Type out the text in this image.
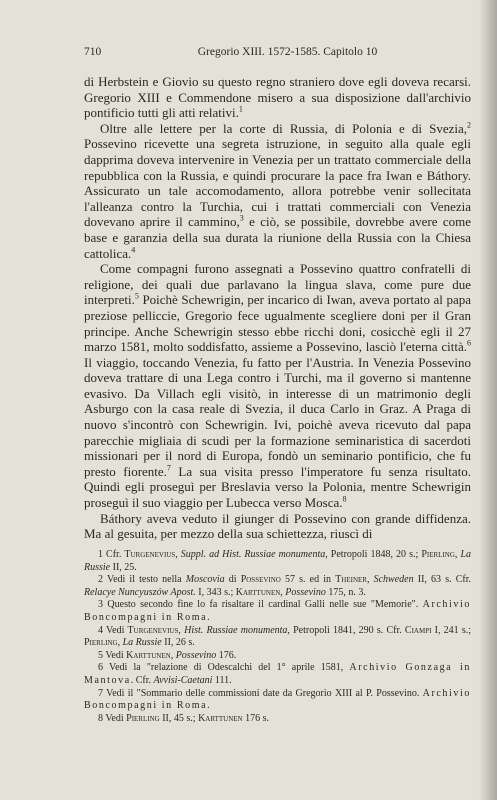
710	Gregorio XIII. 1572-1585. Capitolo 10

di Herbstein e Giovio su questo regno straniero dove egli doveva recarsi. Gregorio XIII e Commendone misero a sua disposizione dall'archivio pontificio tutti gli atti relativi.$^1$

Oltre alle lettere per la corte di Russia, di Polonia e di Svezia,$^2$ Possevino ricevette una segreta istruzione, in seguito alla quale egli dapprima doveva intervenire in Venezia per un trattato commerciale della repubblica con la Russia, e quindi procurare la pace fra Iwan e Báthory. Assicurato un tale accomodamento, allora potrebbe venir sollecitata l'alleanza contro la Turchia, cui i trattati commerciali con Venezia dovevano aprire il cammino,$^3$ e ciò, se possibile, dovrebbe avere come base e garanzia della sua durata la riunione della Russia con la Chiesa cattolica.$^4$

Come compagni furono assegnati a Possevino quattro confratelli di religione, dei quali due parlavano la lingua slava, come pure due interpreti.$^5$ Poichè Schewrigin, per incarico di Iwan, aveva portato al papa preziose pelliccie, Gregorio fece ugualmente scegliere doni per il Gran principe. Anche Schewrigin stesso ebbe ricchi doni, cosicchè egli il 27 marzo 1581, molto soddisfatto, assieme a Possevino, lasciò l'eterna città.$^6$ Il viaggio, toccando Venezia, fu fatto per l'Austria. In Venezia Possevino doveva trattare di una Lega contro i Turchi, ma il governo si mantenne evasivo. Da Villach egli visitò, in interesse di un matrimonio degli Asburgo con la casa reale di Svezia, il duca Carlo in Graz. A Praga di nuovo s'incontrò con Schewrigin. Ivi, poichè aveva ricevuto dal papa parecchie migliaia di scudi per la formazione seminaristica di sacerdoti missionari per il nord di Europa, fondò un seminario pontificio, che fu presto fiorente.$^7$ La sua visita presso l'imperatore fu senza risultato. Quindi egli proseguì per Breslavia verso la Polonia, mentre Schewrigin proseguì il suo viaggio per Lubecca verso Mosca.$^8$

Báthory aveva veduto il giunger di Possevino con grande diffidenza. Ma al gesuita, per mezzo della sua schiettezza, riuscì di

1 Cfr. Turgenevius, Suppl. ad Hist. Russiae monumenta, Petropoli 1848, 20 s.; Pierling, La Russie II, 25.

2 Vedi il testo nella Moscovia di Possevino 57 s. ed in Theiner, Schweden II, 63 s. Cfr. Relacye Nuncyuszów Apost. I, 343 s.; Karttunen, Possevino 175, n. 3.

3 Questo secondo fine lo fa risaltare il cardinal Galli nelle sue "Memorie". Archivio Boncompagni in Roma.

4 Vedi Turgenevius, Hist. Russiae monumenta, Petropoli 1841, 290 s. Cfr. Ciampi I, 241 s.; Pierling, La Russie II, 26 s.

5 Vedi Karttunen, Possevino 176.

6 Vedi la "relazione di Odescalchi del 1° aprile 1581, Archivio Gonzaga in Mantova. Cfr. Avvisi-Caetani 111.

7 Vedi il "Sommario delle commissioni date da Gregorio XIII al P. Possevino. Archivio Boncompagni in Roma.

8 Vedi Pierling II, 45 s.; Karttunen 176 s.
